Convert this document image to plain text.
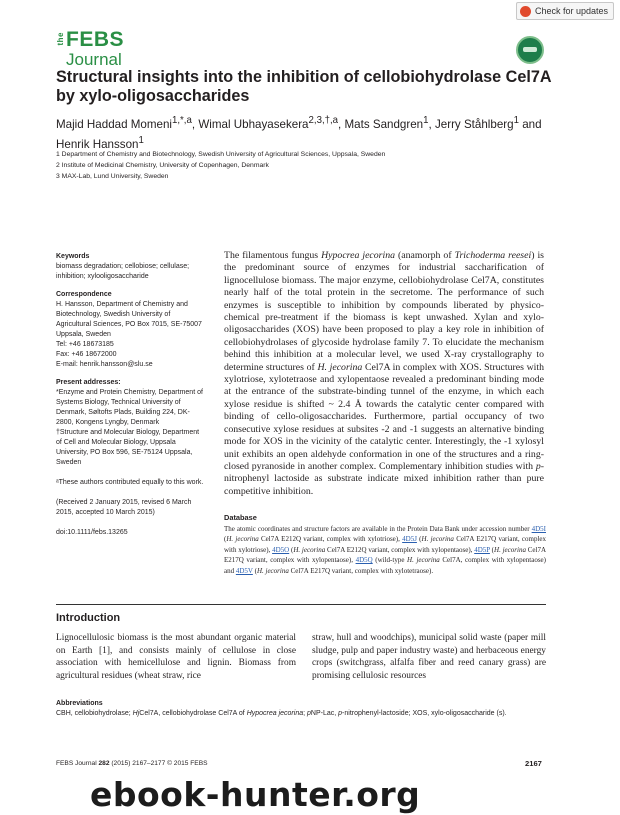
Check for updates
the FEBS
Journal
Structural insights into the inhibition of cellobiohydrolase Cel7A by xylo-oligosaccharides
Majid Haddad Momeni$^{1,*,a}$, Wimal Ubhayasekera$^{2,3,\dagger,a}$, Mats Sandgren$^1$, Jerry Ståhlberg$^1$ and Henrik Hansson$^1$
1 Department of Chemistry and Biotechnology, Swedish University of Agricultural Sciences, Uppsala, Sweden
2 Institute of Medicinal Chemistry, University of Copenhagen, Denmark
3 MAX-Lab, Lund University, Sweden
Keywords

biomass degradation; cellobiose; cellulase; inhibition; xylooligosaccharide

Correspondence

H. Hansson, Department of Chemistry and Biotechnology, Swedish University of Agricultural Sciences, PO Box 7015, SE-75007 Uppsala, Sweden

Tel: +46 18673185

Fax: +46 18672000

E-mail: henrik.hansson@slu.se

Present addresses:

*Enzyme and Protein Chemistry, Department of Systems Biology, Technical University of Denmark, Søltofts Plads, Building 224, DK-2800, Kongens Lyngby, Denmark

†Structure and Molecular Biology, Department of Cell and Molecular Biology, Uppsala University, PO Box 596, SE-75124 Uppsala, Sweden

ᵃThese authors contributed equally to this work.

(Received 2 January 2015, revised 6 March 2015, accepted 10 March 2015)

doi:10.1111/febs.13265

The filamentous fungus Hypocrea jecorina (anamorph of Trichoderma reesei) is the predominant source of enzymes for industrial saccharification of lignocellulose biomass. The major enzyme, cellobiohydrolase Cel7A, constitutes nearly half of the total protein in the secretome. The performance of such enzymes is susceptible to inhibition by compounds liberated by physico-chemical pre-treatment if the biomass is kept unwashed. Xylan and xylo-oligosaccharides (XOS) have been proposed to play a key role in inhibition of cellobiohydrolases of glycoside hydrolase family 7. To elucidate the mechanism behind this inhibition at a molecular level, we used X-ray crystallography to determine structures of H. jecorina Cel7A in complex with XOS. Structures with xylotriose, xylotetraose and xylopentaose revealed a predominant binding mode at the entrance of the substrate-binding tunnel of the enzyme, in which each xylose residue is shifted ~ 2.4 Å towards the catalytic center compared with binding of cello-oligosaccharides. Furthermore, partial occupancy of two consecutive xylose residues at subsites -2 and -1 suggests an alternative binding mode for XOS in the vicinity of the catalytic center. Interestingly, the -1 xylosyl unit exhibits an open aldehyde conformation in one of the structures and a ring-closed pyranoside in another complex. Complementary inhibition studies with p-nitrophenyl lactoside as substrate indicate mixed inhibition rather than pure competitive inhibition.
Database
The atomic coordinates and structure factors are available in the Protein Data Bank under accession number 4D5I (H. jecorina Cel7A E212Q variant, complex with xylotriose), 4D5J (H. jecorina Cel7A E217Q variant, complex with xylotriose), 4D5O (H. jecorina Cel7A E212Q variant, complex with xylopentaose), 4D5P (H. jecorina Cel7A E217Q variant, complex with xylopentaose), 4D5Q (wild-type H. jecorina Cel7A, complex with xylopentaose) and 4D5V (H. jecorina Cel7A E217Q variant, complex with xylotetraose).
Introduction
Lignocellulosic biomass is the most abundant organic material on Earth [1], and consists mainly of cellulose in close association with hemicellulose and lignin. Biomass from agricultural residues (wheat straw, rice
straw, hull and woodchips), municipal solid waste (paper mill sludge, pulp and paper industry waste) and herbaceous energy crops (switchgrass, alfalfa fiber and reed canary grass) are promising cellulosic resources
Abbreviations
CBH, cellobiohydrolase; HjCel7A, cellobiohydrolase Cel7A of Hypocrea jecorina; pNP-Lac, p-nitrophenyl-lactoside; XOS, xylo-oligosaccharide (s).
FEBS Journal 282 (2015) 2167–2177 © 2015 FEBS	2167
ebook-hunter.org
